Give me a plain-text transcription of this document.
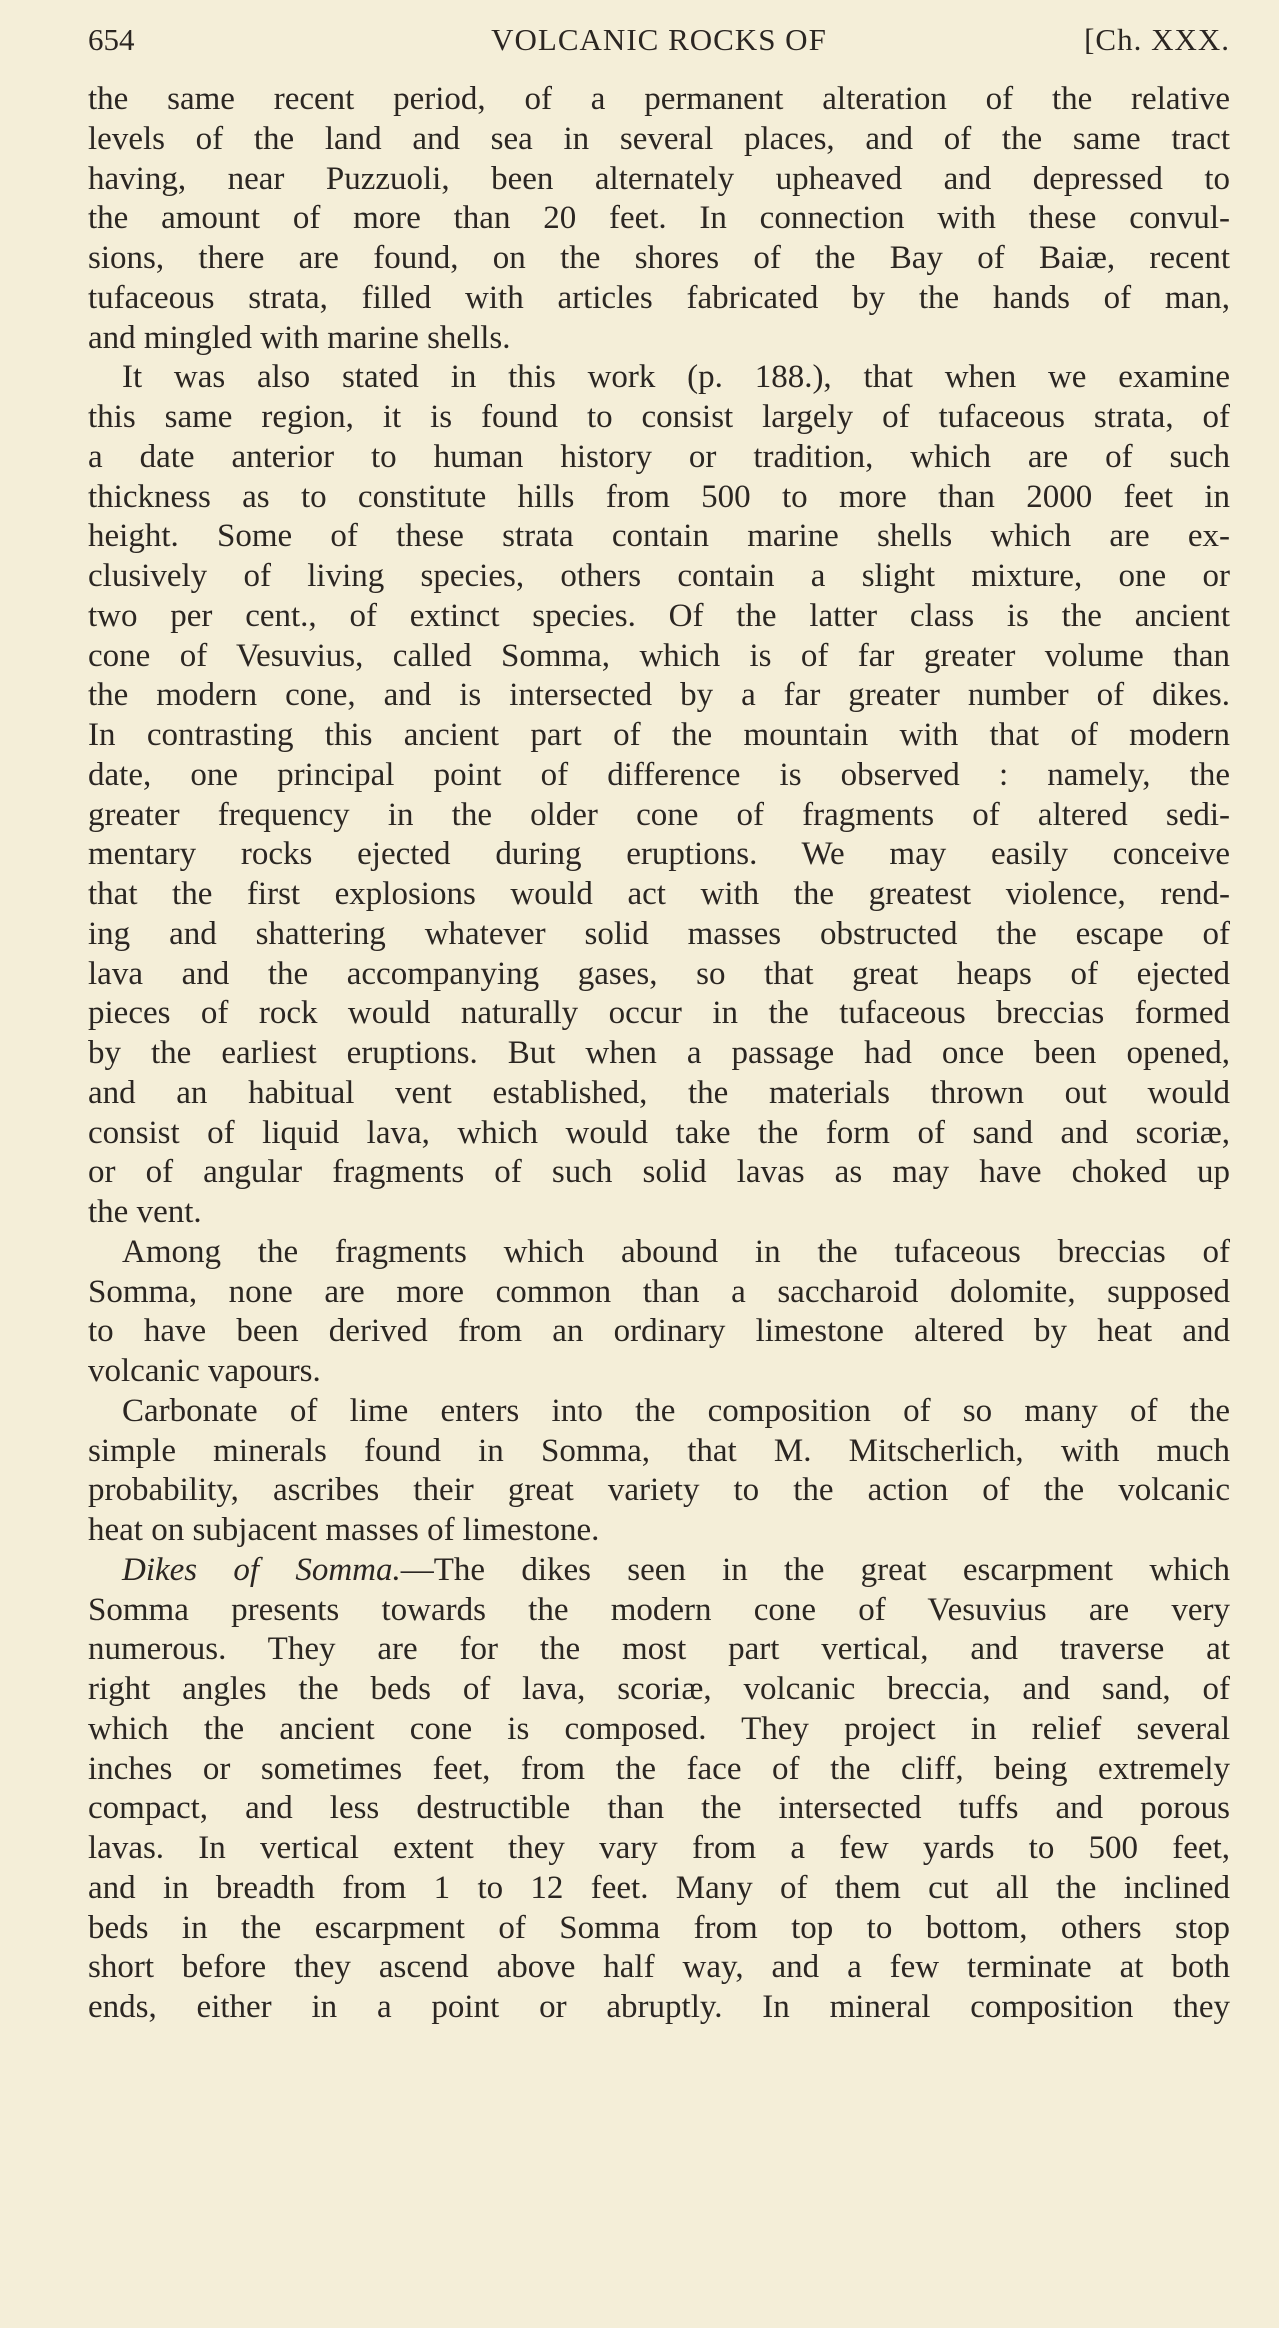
654	VOLCANIC ROCKS OF	[Ch. XXX.
the same recent period, of a permanent alteration of the relative
levels of the land and sea in several places, and of the same tract
having, near Puzzuoli, been alternately upheaved and depressed to
the amount of more than 20 feet. In connection with these convul-
sions, there are found, on the shores of the Bay of Baiæ, recent
tufaceous strata, filled with articles fabricated by the hands of man,
and mingled with marine shells.
It was also stated in this work (p. 188.), that when we examine
this same region, it is found to consist largely of tufaceous strata, of
a date anterior to human history or tradition, which are of such
thickness as to constitute hills from 500 to more than 2000 feet in
height. Some of these strata contain marine shells which are ex-
clusively of living species, others contain a slight mixture, one or
two per cent., of extinct species. Of the latter class is the ancient
cone of Vesuvius, called Somma, which is of far greater volume than
the modern cone, and is intersected by a far greater number of dikes.
In contrasting this ancient part of the mountain with that of modern
date, one principal point of difference is observed : namely, the
greater frequency in the older cone of fragments of altered sedi-
mentary rocks ejected during eruptions. We may easily conceive
that the first explosions would act with the greatest violence, rend-
ing and shattering whatever solid masses obstructed the escape of
lava and the accompanying gases, so that great heaps of ejected
pieces of rock would naturally occur in the tufaceous breccias formed
by the earliest eruptions. But when a passage had once been opened,
and an habitual vent established, the materials thrown out would
consist of liquid lava, which would take the form of sand and scoriæ,
or of angular fragments of such solid lavas as may have choked up
the vent.
Among the fragments which abound in the tufaceous breccias of
Somma, none are more common than a saccharoid dolomite, supposed
to have been derived from an ordinary limestone altered by heat and
volcanic vapours.
Carbonate of lime enters into the composition of so many of the
simple minerals found in Somma, that M. Mitscherlich, with much
probability, ascribes their great variety to the action of the volcanic
heat on subjacent masses of limestone.
Dikes of Somma.—The dikes seen in the great escarpment which
Somma presents towards the modern cone of Vesuvius are very
numerous. They are for the most part vertical, and traverse at
right angles the beds of lava, scoriæ, volcanic breccia, and sand, of
which the ancient cone is composed. They project in relief several
inches or sometimes feet, from the face of the cliff, being extremely
compact, and less destructible than the intersected tuffs and porous
lavas. In vertical extent they vary from a few yards to 500 feet,
and in breadth from 1 to 12 feet. Many of them cut all the inclined
beds in the escarpment of Somma from top to bottom, others stop
short before they ascend above half way, and a few terminate at both
ends, either in a point or abruptly. In mineral composition they
